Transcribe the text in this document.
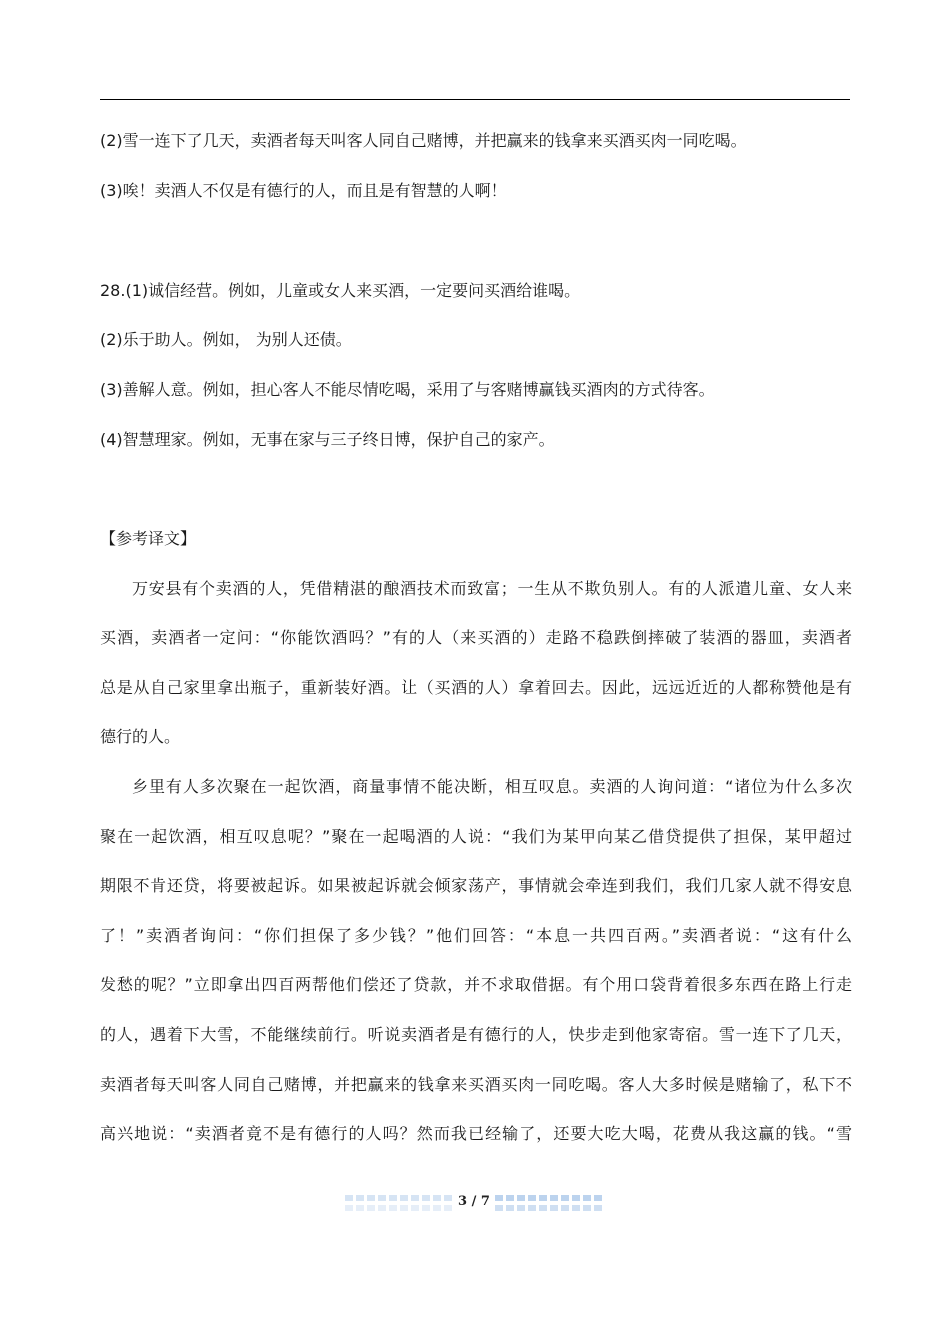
(2)雪一连下了几天，卖酒者每天叫客人同自己赌博，并把赢来的钱拿来买酒买肉一同吃喝。
(3)唉！卖酒人不仅是有德行的人，而且是有智慧的人啊！
28.(1)诚信经营。例如，儿童或女人来买酒，一定要问买酒给谁喝。
(2)乐于助人。例如， 为别人还债。
(3)善解人意。例如，担心客人不能尽情吃喝，采用了与客赌博赢钱买酒肉的方式待客。
(4)智慧理家。例如，无事在家与三子终日博，保护自己的家产。
【参考译文】
万安县有个卖酒的人，凭借精湛的酿酒技术而致富；一生从不欺负别人。有的人派遣儿童、女人来
买酒，卖酒者一定问：“你能饮酒吗？”有的人（来买酒的）走路不稳跌倒摔破了装酒的器皿，卖酒者
总是从自己家里拿出瓶子，重新装好酒。让（买酒的人）拿着回去。因此，远远近近的人都称赞他是有
德行的人。
乡里有人多次聚在一起饮酒，商量事情不能决断，相互叹息。卖酒的人询问道：“诸位为什么多次
聚在一起饮酒，相互叹息呢？”聚在一起喝酒的人说：“我们为某甲向某乙借贷提供了担保，某甲超过
期限不肯还贷，将要被起诉。如果被起诉就会倾家荡产，事情就会牵连到我们，我们几家人就不得安息
了！”卖酒者询问：“你们担保了多少钱？”他们回答：“本息一共四百两。”卖酒者说：“这有什么
发愁的呢？”立即拿出四百两帮他们偿还了贷款，并不求取借据。有个用口袋背着很多东西在路上行走
的人，遇着下大雪，不能继续前行。听说卖酒者是有德行的人，快步走到他家寄宿。雪一连下了几天，
卖酒者每天叫客人同自己赌博，并把赢来的钱拿来买酒买肉一同吃喝。客人大多时候是赌输了，私下不
高兴地说：“卖酒者竟不是有德行的人吗？然而我已经输了，还要大吃大喝，花费从我这赢的钱。“雪
3 / 7
